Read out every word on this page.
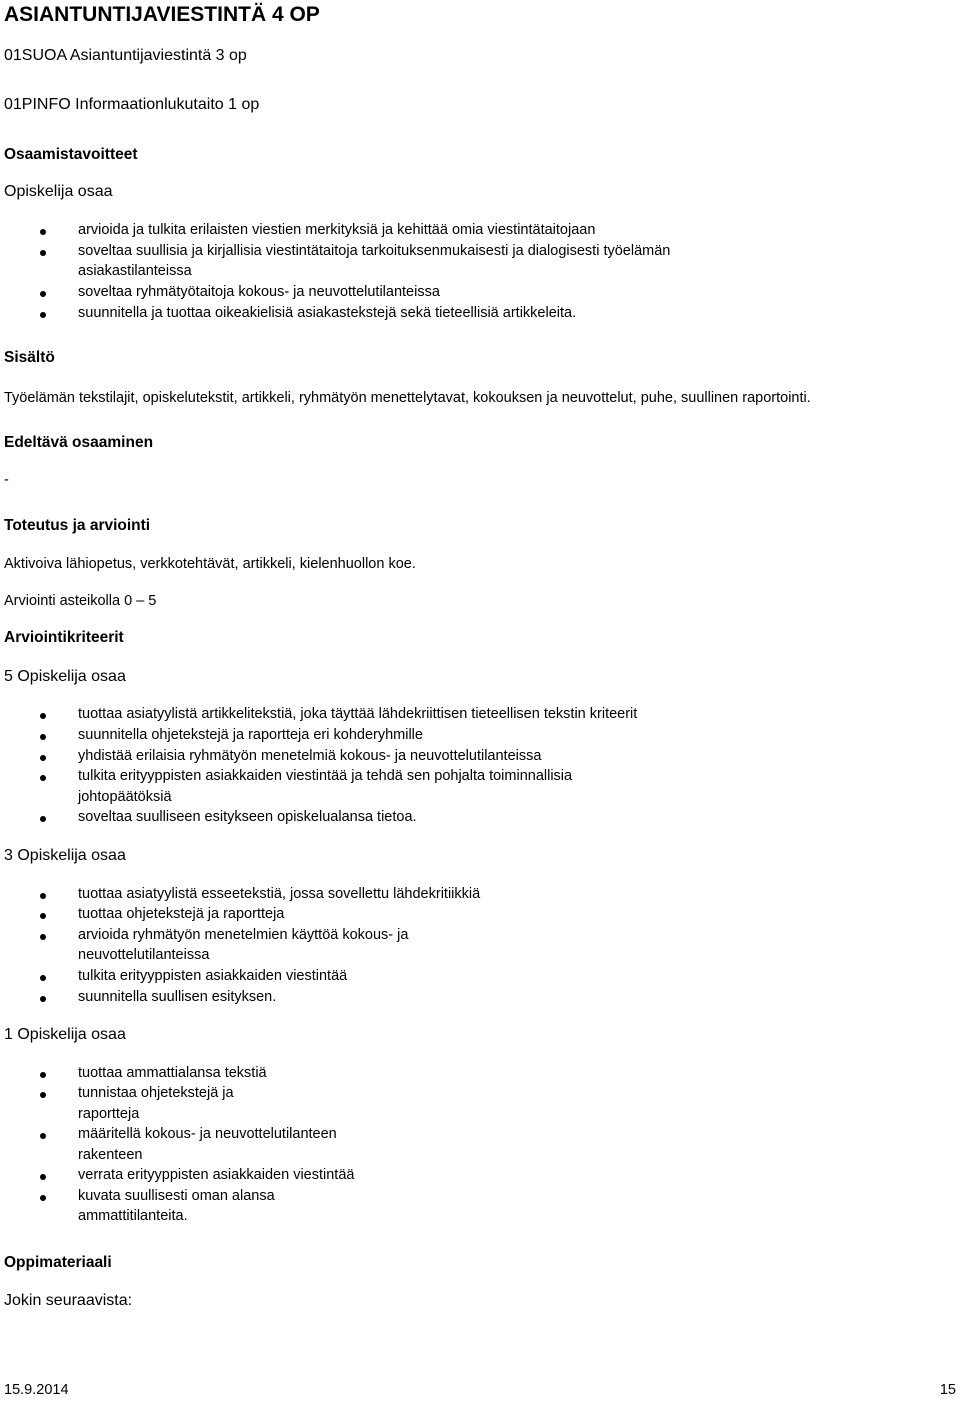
ASIANTUNTIJAVIESTINTÄ 4 OP
01SUOA Asiantuntijaviestintä 3 op
01PINFO Informaationlukutaito 1 op
Osaamistavoitteet
Opiskelija osaa
arvioida ja tulkita erilaisten viestien merkityksiä ja kehittää omia viestintätaitojaan
soveltaa suullisia ja kirjallisia viestintätaitoja tarkoituksenmukaisesti ja dialogisesti työelämän
asiakastilanteissa
soveltaa ryhmätyötaitoja kokous- ja neuvottelutilanteissa
suunnitella ja tuottaa oikeakielisiä asiakastekstejä sekä tieteellisiä artikkeleita.
Sisältö
Työelämän tekstilajit, opiskelutekstit, artikkeli, ryhmätyön menettelytavat, kokouksen ja neuvottelut, puhe, suullinen raportointi.
Edeltävä osaaminen
-
Toteutus ja arviointi
Aktivoiva lähiopetus, verkkotehtävät, artikkeli, kielenhuollon koe.
Arviointi asteikolla 0 – 5
Arviointikriteerit
5 Opiskelija osaa
tuottaa asiatyylistä artikkelitekstiä, joka täyttää lähdekriittisen tieteellisen tekstin kriteerit
suunnitella ohjetekstejä ja raportteja eri kohderyhmille
yhdistää erilaisia ryhmätyön menetelmiä kokous- ja neuvottelutilanteissa
tulkita erityyppisten asiakkaiden viestintää ja tehdä sen pohjalta toiminnallisia
johtopäätöksiä
soveltaa suulliseen esitykseen opiskelualansa tietoa.
3 Opiskelija osaa
tuottaa asiatyylistä esseetekstiä, jossa sovellettu lähdekritiikkiä
tuottaa ohjetekstejä ja raportteja
arvioida ryhmätyön menetelmien käyttöä kokous- ja
neuvottelutilanteissa
tulkita erityyppisten asiakkaiden viestintää
suunnitella suullisen esityksen.
1 Opiskelija osaa
tuottaa ammattialansa tekstiä
tunnistaa ohjetekstejä ja
raportteja
määritellä kokous- ja neuvottelutilanteen
rakenteen
verrata erityyppisten asiakkaiden viestintää
kuvata suullisesti oman alansa
ammattitilanteita.
Oppimateriaali
Jokin seuraavista:
15.9.2014	15
